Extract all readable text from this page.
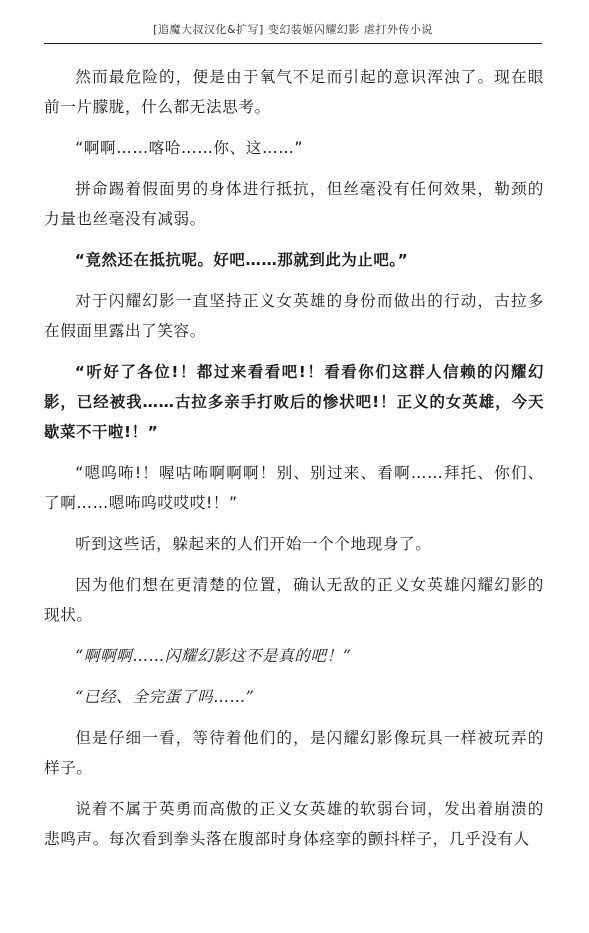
[追魔大叔汉化&扩写] 变幻装姬闪耀幻影 虐打外传小说

然而最危险的，便是由于氧气不足而引起的意识浑浊了。现在眼前一片朦胧，什么都无法思考。

“啊啊……喀哈……你、这……”

拼命踢着假面男的身体进行抵抗，但丝毫没有任何效果，勒颈的力量也丝毫没有减弱。

“竟然还在抵抗呢。好吧……那就到此为止吧。”

对于闪耀幻影一直坚持正义女英雄的身份而做出的行动，古拉多在假面里露出了笑容。

“听好了各位!！都过来看看吧!！看看你们这群人信赖的闪耀幻影，已经被我……古拉多亲手打败后的惨状吧!！正义的女英雄，今天歇菜不干啦!！”

“嗯呜咘!！喔咕咘啊啊啊！别、别过来、看啊……拜托、你们、了啊……嗯咘呜哎哎哎!！”

听到这些话，躲起来的人们开始一个个地现身了。

因为他们想在更清楚的位置，确认无敌的正义女英雄闪耀幻影的现状。

“啊啊啊……闪耀幻影这不是真的吧！”

“已经、全完蛋了吗……”

但是仔细一看，等待着他们的，是闪耀幻影像玩具一样被玩弄的样子。

说着不属于英勇而高傲的正义女英雄的软弱台词，发出着崩溃的悲鸣声。每次看到拳头落在腹部时身体痉挛的颤抖样子，几乎没有人
